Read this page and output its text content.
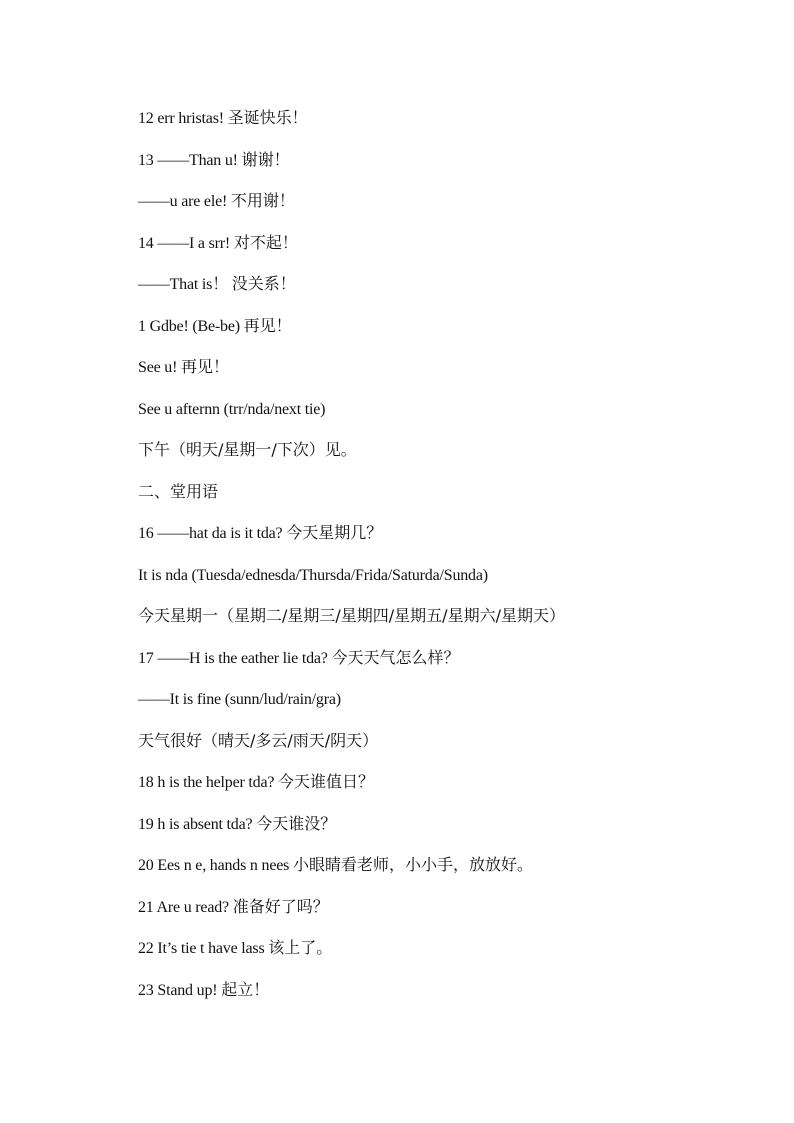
12 err hristas! 圣诞快乐！
13 ——Than u! 谢谢！
——u are ele! 不用谢！
14 ——I a srr! 对不起！
——That is！ 没关系！
1 Gdbe! (Be-be) 再见！
See u! 再见！
See u afternn (trr/nda/next tie)
下午（明天/星期一/下次）见。
二、堂用语
16 ——hat da is it tda? 今天星期几？
It is nda (Tuesda/ednesda/Thursda/Frida/Saturda/Sunda)
今天星期一（星期二/星期三/星期四/星期五/星期六/星期天）
17 ——H is the eather lie tda? 今天天气怎么样？
——It is fine (sunn/lud/rain/gra)
天气很好（晴天/多云/雨天/阴天）
18 h is the helper tda? 今天谁值日？
19 h is absent tda? 今天谁没？
20 Ees n e, hands n nees 小眼睛看老师，小小手，放放好。
21 Are u read? 准备好了吗？
22 It’s tie t have lass 该上了。
23 Stand up! 起立！
